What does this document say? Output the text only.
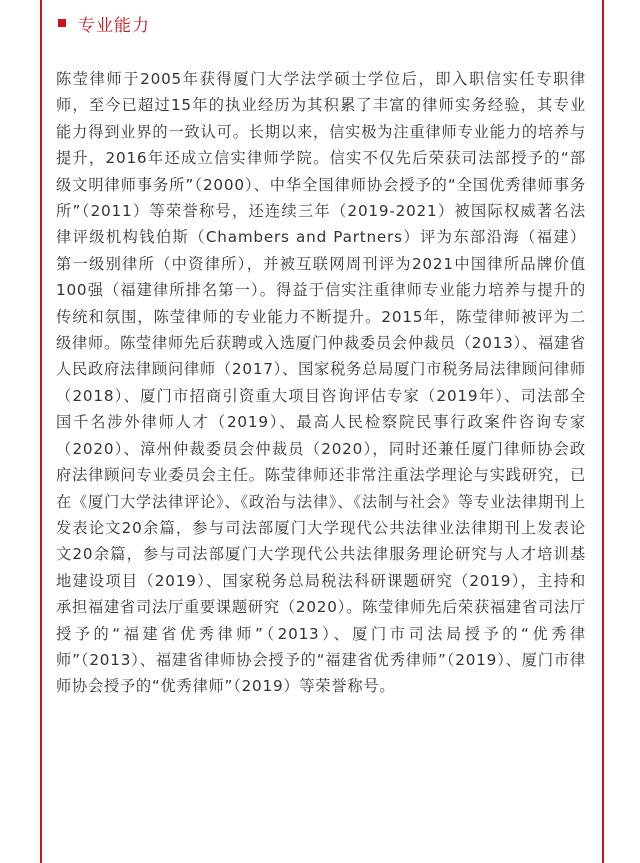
专业能力

陈莹律师于2005年获得厦门大学法学硕士学位后，即入职信实任专职律师，至今已超过15年的执业经历为其积累了丰富的律师实务经验，其专业能力得到业界的一致认可。长期以来，信实极为注重律师专业能力的培养与提升，2016年还成立信实律师学院。信实不仅先后荣获司法部授予的“部级文明律师事务所”（2000）、中华全国律师协会授予的“全国优秀律师事务所”（2011）等荣誉称号，还连续三年（2019-2021）被国际权威著名法律评级机构钱伯斯（Chambers and Partners）评为东部沿海（福建）第一级别律所（中资律所），并被互联网周刊评为2021中国律所品牌价值100强（福建律所排名第一）。得益于信实注重律师专业能力培养与提升的传统和氛围，陈莹律师的专业能力不断提升。2015年，陈莹律师被评为二级律师。陈莹律师先后获聘或入选厦门仲裁委员会仲裁员（2013）、福建省人民政府法律顾问律师（2017）、国家税务总局厦门市税务局法律顾问律师（2018）、厦门市招商引资重大项目咨询评估专家（2019年）、司法部全国千名涉外律师人才（2019）、最高人民检察院民事行政案件咨询专家（2020）、漳州仲裁委员会仲裁员（2020），同时还兼任厦门律师协会政府法律顾问专业委员会主任。陈莹律师还非常注重法学理论与实践研究，已在《厦门大学法律评论》、《政治与法律》、《法制与社会》等专业法律期刊上发表论文20余篇，参与司法部厦门大学现代公共法律业法律期刊上发表论文20余篇，参与司法部厦门大学现代公共法律服务理论研究与人才培训基地建设项目（2019）、国家税务总局税法科研课题研究（2019），主持和承担福建省司法厅重要课题研究（2020）。陈莹律师先后荣获福建省司法厅授予的“福建省优秀律师”（2013）、厦门市司法局授予的“优秀律师”（2013）、福建省律师协会授予的“福建省优秀律师”（2019）、厦门市律师协会授予的“优秀律师”（2019）等荣誉称号。
